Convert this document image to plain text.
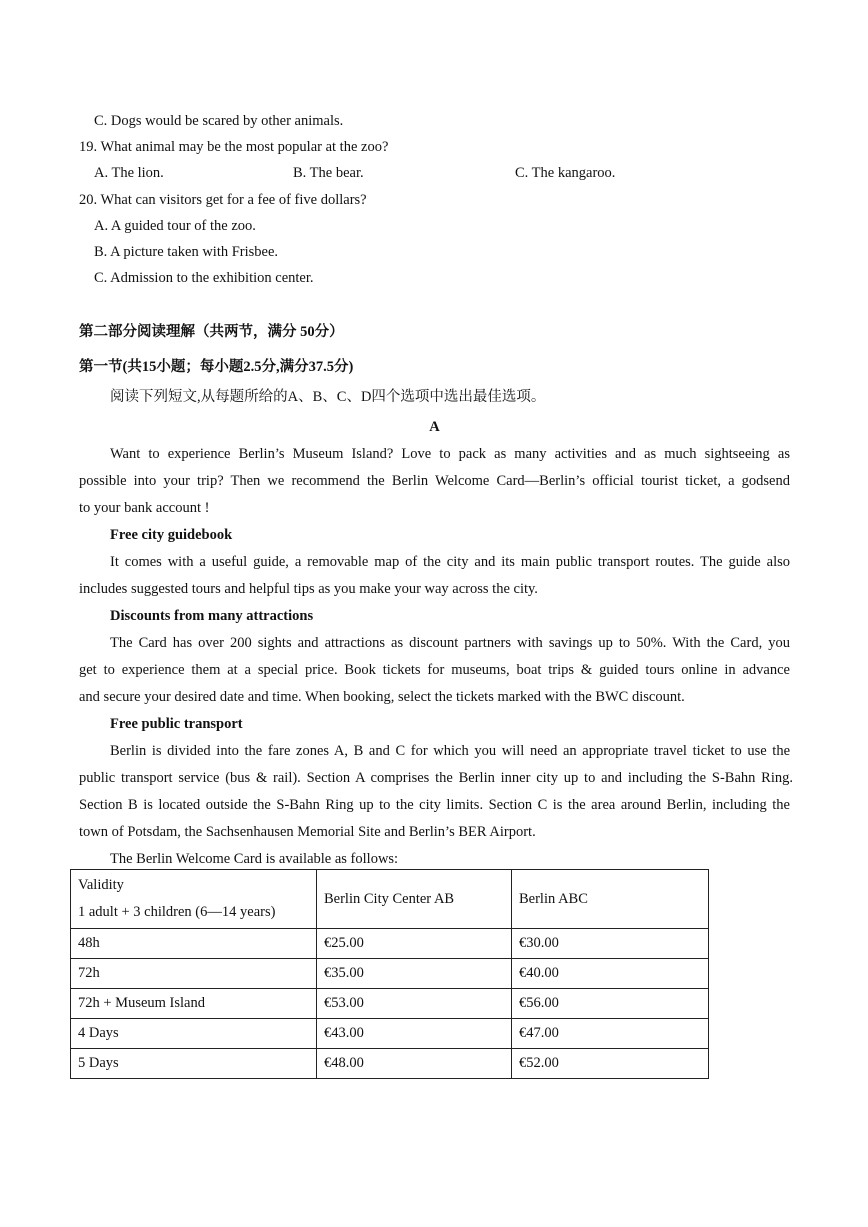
C. Dogs would be scared by other animals.
19. What animal may be the most popular at the zoo?
A. The lion.	B. The bear.	C. The kangaroo.
20. What can visitors get for a fee of five dollars?
A. A guided tour of the zoo.
B. A picture taken with Frisbee.
C. Admission to the exhibition center.
第二部分阅读理解（共两节，满分 50分）
第一节(共15小题；每小题2.5分,满分37.5分)
阅读下列短文,从每题所给的A、B、C、D四个选项中选出最佳选项。
A
Want to experience Berlin’s Museum Island? Love to pack as many activities and as much sightseeing as
possible into your trip? Then we recommend the Berlin Welcome Card—Berlin’s official tourist ticket, a godsend
to your bank account !
Free city guidebook
It comes with a useful guide, a removable map of the city and its main public transport routes. The guide also
includes suggested tours and helpful tips as you make your way across the city.
Discounts from many attractions
The Card has over 200 sights and attractions as discount partners with savings up to 50%. With the Card, you
get to experience them at a special price. Book tickets for museums, boat trips & guided tours online in advance
and secure your desired date and time. When booking, select the tickets marked with the BWC discount.
Free public transport
Berlin is divided into the fare zones A, B and C for which you will need an appropriate travel ticket to use the
public transport service (bus & rail). Section A comprises the Berlin inner city up to and including the S-Bahn Ring.
Section B is located outside the S-Bahn Ring up to the city limits. Section C is the area around Berlin, including the
town of Potsdam, the Sachsenhausen Memorial Site and Berlin’s BER Airport.
The Berlin Welcome Card is available as follows:
Validity
1 adult + 3 children (6—14 years)	Berlin City Center AB	Berlin ABC
48h	€25.00	€30.00
72h	€35.00	€40.00
72h + Museum Island	€53.00	€56.00
4 Days	€43.00	€47.00
5 Days	€48.00	€52.00
